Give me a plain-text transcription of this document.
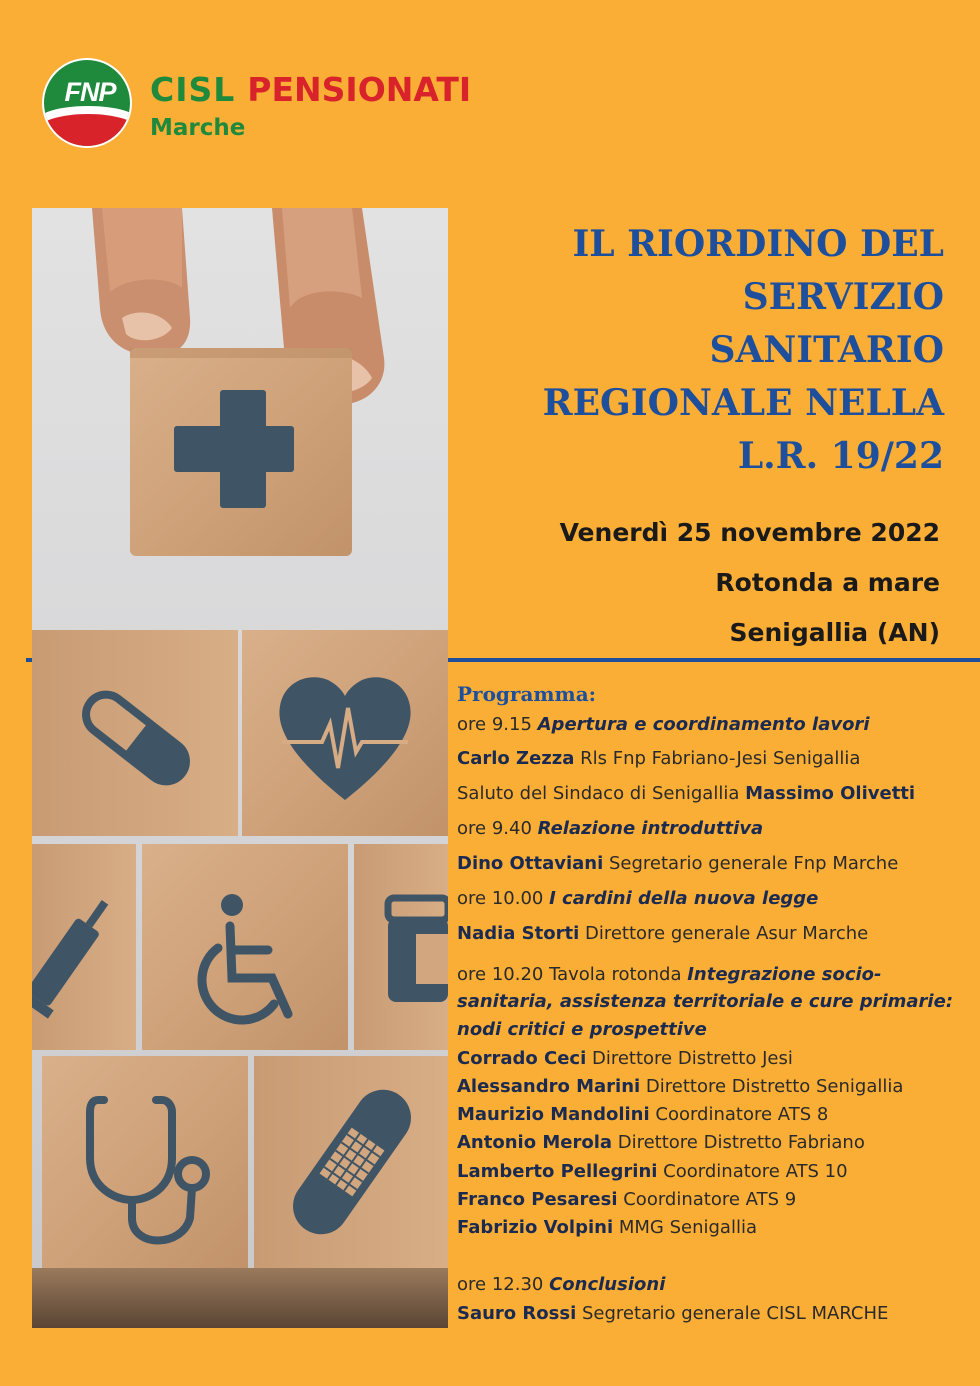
FNP	CISL PENSIONATI
Marche
IL RIORDINO DEL
SERVIZIO
SANITARIO
REGIONALE NELLA
L.R. 19/22
Venerdì 25 novembre 2022
Rotonda a mare
Senigallia (AN)
Programma:
ore 9.15 Apertura e coordinamento lavori
Carlo Zezza Rls Fnp Fabriano-Jesi Senigallia
Saluto del Sindaco di Senigallia Massimo Olivetti
ore 9.40 Relazione introduttiva
Dino Ottaviani Segretario generale Fnp Marche
ore 10.00 I cardini della nuova legge
Nadia Storti Direttore generale Asur Marche
ore 10.20 Tavola rotonda Integrazione socio-
sanitaria, assistenza territoriale e cure primarie:
nodi critici e prospettive
Corrado Ceci Direttore Distretto Jesi
Alessandro Marini Direttore Distretto Senigallia
Maurizio Mandolini Coordinatore ATS 8
Antonio Merola Direttore Distretto Fabriano
Lamberto Pellegrini Coordinatore ATS 10
Franco Pesaresi Coordinatore ATS 9
Fabrizio Volpini MMG Senigallia
ore 12.30 Conclusioni
Sauro Rossi Segretario generale CISL MARCHE
